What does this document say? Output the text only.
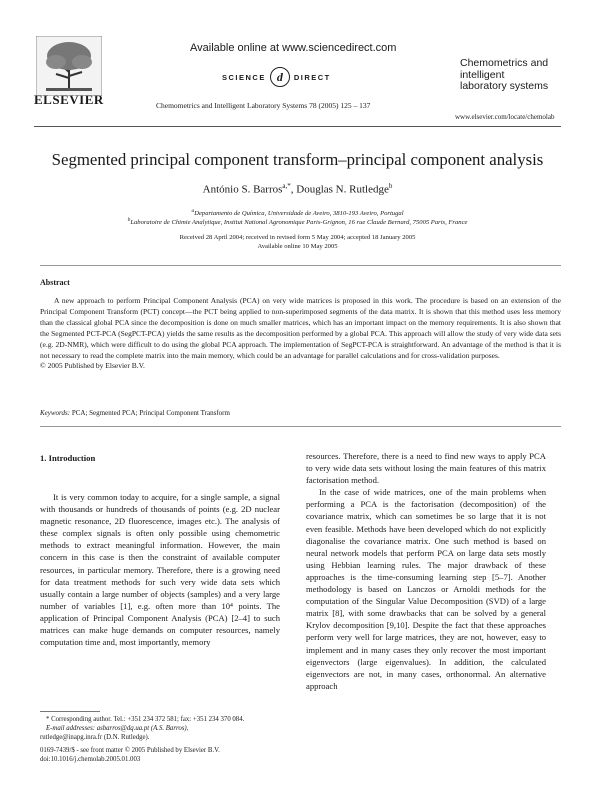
ELSEVIER
Available online at www.sciencedirect.com
SCIENCE d	DIRECT
Chemometrics and Intelligent Laboratory Systems 78 (2005) 125 – 137
Chemometrics and
intelligent
laboratory systems
www.elsevier.com/locate/chemolab
Segmented principal component transform–principal component analysis
António S. Barros$^{a,*}$, Douglas N. Rutledge$^b$
$^a$Departamento de Química, Universidade de Aveiro, 3810-193 Aveiro, Portugal
$^b$Laboratoire de Chimie Analytique, Institut National Agronomique Paris-Grignon, 16 rue Claude Bernard, 75005 Paris, France
Received 28 April 2004; received in revised form 5 May 2004; accepted 18 January 2005
Available online 10 May 2005
Abstract

A new approach to perform Principal Component Analysis (PCA) on very wide matrices is proposed in this work. The procedure is based on an extension of the Principal Component Transform (PCT) concept—the PCT being applied to non-superimposed segments of the data matrix. It is shown that this method uses less memory than the classical global PCA since the decomposition is done on much smaller matrices, which has an important impact on the memory requirements. It is also shown that the Segmented PCT-PCA (SegPCT-PCA) yields the same results as the decomposition performed by a global PCA. This approach will allow the study of very wide data sets (e.g. 2D-NMR), which were difficult to do using the global PCA approach. The implementation of SegPCT-PCA is straightforward. An advantage of the method is that it is not necessary to read the complete matrix into the main memory, which could be an advantage for parallel calculations and for cross-validation purposes.

© 2005 Published by Elsevier B.V.
Keywords: PCA; Segmented PCA; Principal Component Transform
1. Introduction

It is very common today to acquire, for a single sample, a signal with thousands or hundreds of thousands of points (e.g. 2D nuclear magnetic resonance, 2D fluorescence, images etc.). The analysis of these complex signals is often only possible using chemometric methods to extract meaningful information. However, the main concern in this case is then the constraint of available computer resources, in particular memory. Therefore, there is a growing need for data treatment methods for such very wide data sets which usually contain a large number of objects (samples) and a very large number of variables [1], e.g. often more than 10⁴ points. The application of Principal Component Analysis (PCA) [2–4] to such matrices can make huge demands on computer resources, namely computation time and, most importantly, memory

resources. Therefore, there is a need to find new ways to apply PCA to very wide data sets without losing the main features of this matrix factorisation method.

In the case of wide matrices, one of the main problems when performing a PCA is the factorisation (decomposition) of the covariance matrix, which can sometimes be so large that it is not even feasible. Methods have been developed which do not explicitly diagonalise the covariance matrix. One such method is based on neural network models that perform PCA on large data sets mostly using Hebbian learning rules. The major drawback of these approaches is the time-consuming learning step [5–7]. Another methodology is based on Lanczos or Arnoldi methods for the computation of the Singular Value Decomposition (SVD) of a large matrix [8], with some drawbacks that can be solved by a general Krylov decomposition [9,10]. Despite the fact that these approaches perform very well for large matrices, they are not, however, easy to implement and in many cases they only recover the most important eigenvectors (large eigenvalues). In addition, the calculated eigenvectors are not, in many cases, orthonormal. An alternative approach

* Corresponding author. Tel.: +351 234 372 581; fax: +351 234 370 084.
E-mail addresses: asbarros@dq.ua.pt (A.S. Barros),
rutledge@inapg.inra.fr (D.N. Rutledge).
0169-7439/$ - see front matter © 2005 Published by Elsevier B.V.
doi:10.1016/j.chemolab.2005.01.003
